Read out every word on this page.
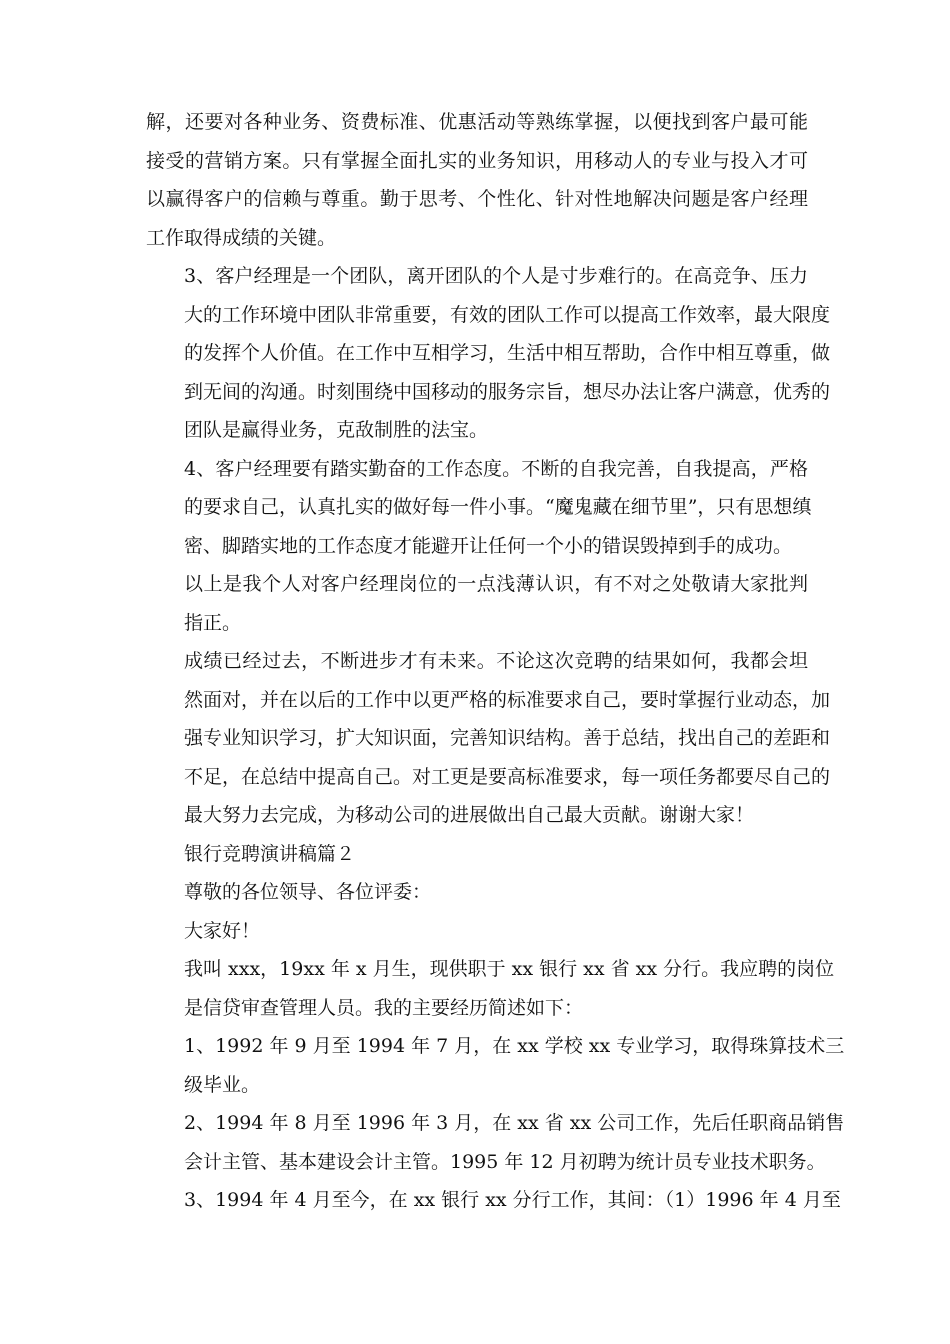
解，还要对各种业务、资费标准、优惠活动等熟练掌握，以便找到客户最可能
接受的营销方案。只有掌握全面扎实的业务知识，用移动人的专业与投入才可
以赢得客户的信赖与尊重。勤于思考、个性化、针对性地解决问题是客户经理
工作取得成绩的关键。
3、客户经理是一个团队，离开团队的个人是寸步难行的。在高竞争、压力
大的工作环境中团队非常重要，有效的团队工作可以提高工作效率，最大限度
的发挥个人价值。在工作中互相学习，生活中相互帮助，合作中相互尊重，做
到无间的沟通。时刻围绕中国移动的服务宗旨，想尽办法让客户满意，优秀的
团队是赢得业务，克敌制胜的法宝。
4、客户经理要有踏实勤奋的工作态度。不断的自我完善，自我提高，严格
的要求自己，认真扎实的做好每一件小事。“魔鬼藏在细节里”，只有思想缜
密、脚踏实地的工作态度才能避开让任何一个小的错误毁掉到手的成功。
以上是我个人对客户经理岗位的一点浅薄认识，有不对之处敬请大家批判
指正。
成绩已经过去，不断进步才有未来。不论这次竞聘的结果如何，我都会坦
然面对，并在以后的工作中以更严格的标准要求自己，要时掌握行业动态，加
强专业知识学习，扩大知识面，完善知识结构。善于总结，找出自己的差距和
不足，在总结中提高自己。对工更是要高标准要求，每一项任务都要尽自己的
最大努力去完成，为移动公司的进展做出自己最大贡献。谢谢大家！
银行竞聘演讲稿篇２
尊敬的各位领导、各位评委：
大家好！
我叫 xxx，19xx 年 x 月生，现供职于 xx 银行 xx 省 xx 分行。我应聘的岗位
是信贷审查管理人员。我的主要经历简述如下：
1、1992 年 9 月至 1994 年 7 月，在 xx 学校 xx 专业学习，取得珠算技术三
级毕业。
2、1994 年 8 月至 1996 年 3 月，在 xx 省 xx 公司工作，先后任职商品销售
会计主管、基本建设会计主管。1995 年 12 月初聘为统计员专业技术职务。
3、1994 年 4 月至今，在 xx 银行 xx 分行工作，其间：（1）1996 年 4 月至
